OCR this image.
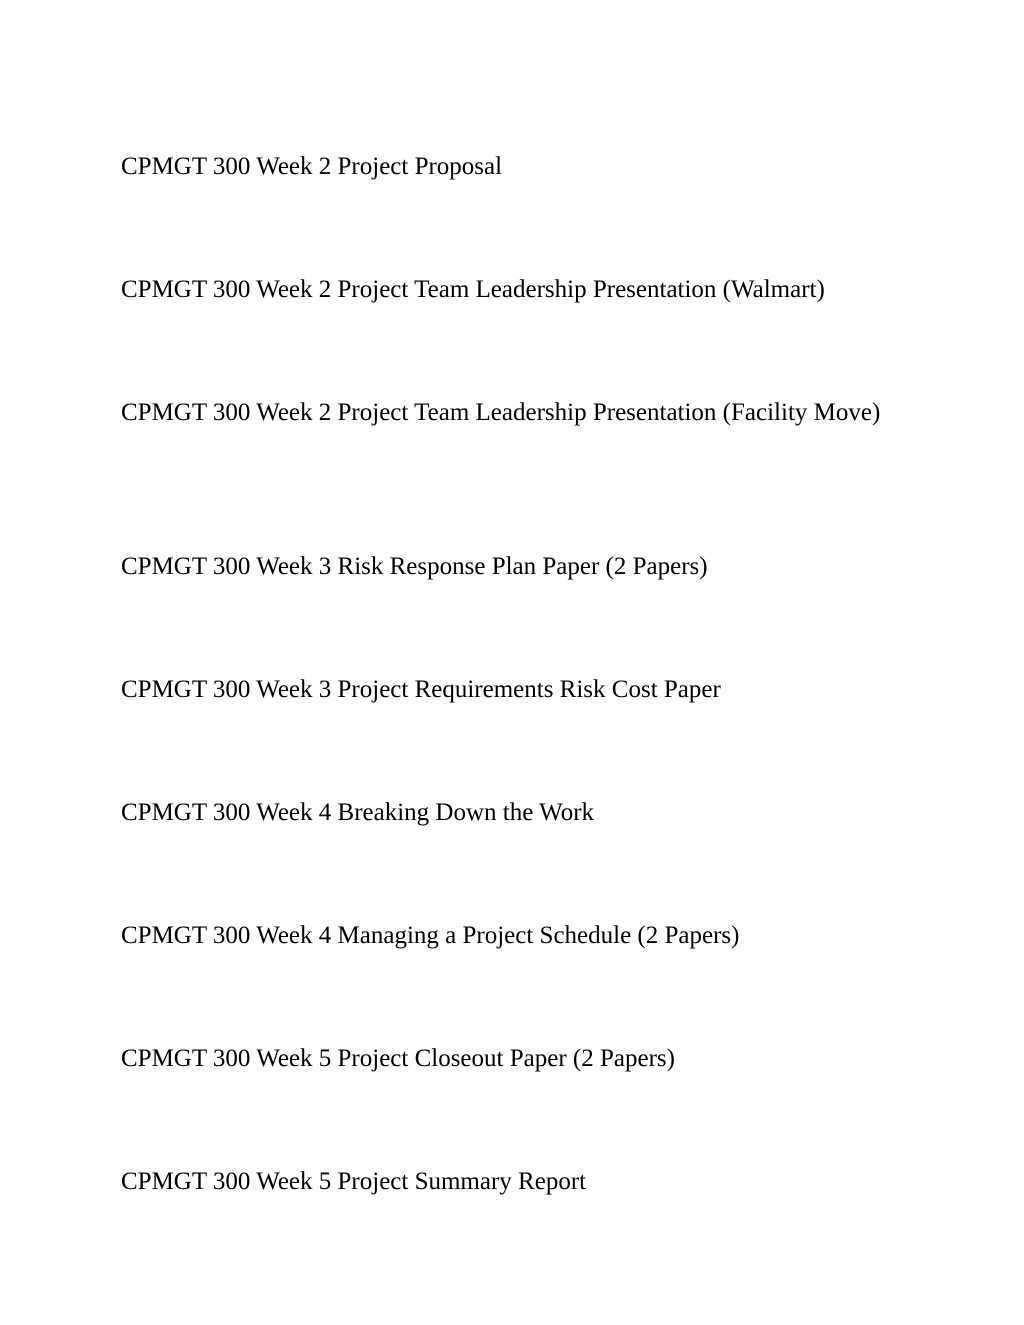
CPMGT 300 Week 2 Project Proposal

CPMGT 300 Week 2 Project Team Leadership Presentation (Walmart)

CPMGT 300 Week 2 Project Team Leadership Presentation (Facility Move)

CPMGT 300 Week 3 Risk Response Plan Paper (2 Papers)

CPMGT 300 Week 3 Project Requirements Risk Cost Paper

CPMGT 300 Week 4 Breaking Down the Work

CPMGT 300 Week 4 Managing a Project Schedule (2 Papers)

CPMGT 300 Week 5 Project Closeout Paper (2 Papers)

CPMGT 300 Week 5 Project Summary Report
